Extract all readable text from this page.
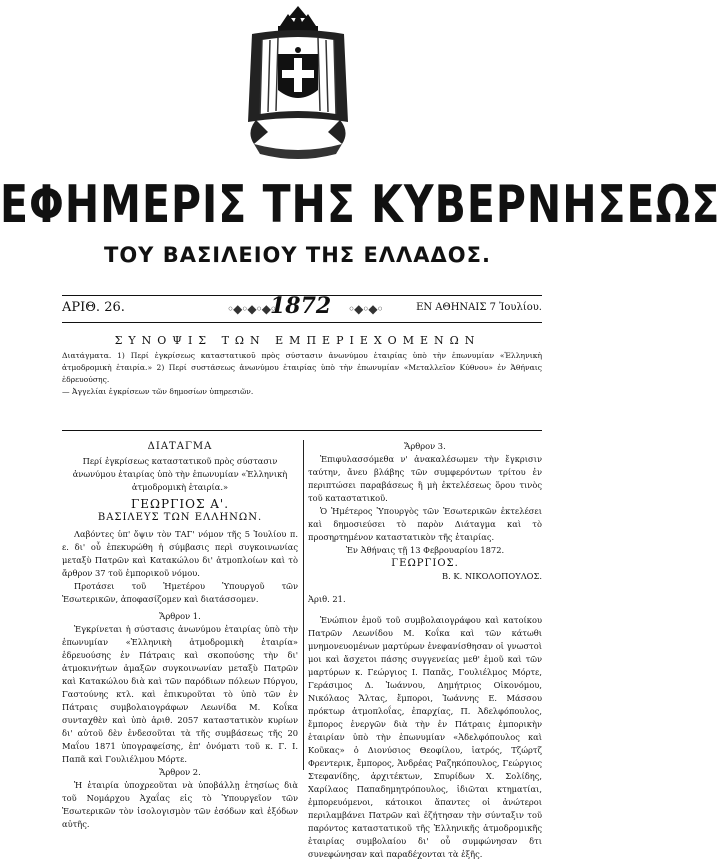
ΕΦΗΜΕΡΙΣ ΤΗΣ ΚΥΒΕΡΝΗΣΕΩΣ
ΤΟΥ ΒΑΣΙΛΕΙΟΥ ΤΗΣ ΕΛΛΑΔΟΣ.
ΑΡΙΘ. 26.	◦◆◦◆◦◆◦
1872 ◦◆◦◆◦	ΕΝ ΑΘΗΝΑΙΣ 7 Ἰουλίου.
ΣΥΝΟΨΙΣ ΤΩΝ ΕΜΠΕΡΙΕΧΟΜΕΝΩΝ

Διατάγματα. 1) Περί ἐγκρίσεως καταστατικοῦ πρὸς σύστασιν ἀνωνύμου ἑταιρίας ὑπὸ τὴν ἐπωνυμίαν «Ἑλληνικὴ ἀτμοδρομικὴ ἑταιρία.» 2) Περί συστάσεως ἀνωνύμου ἑταιρίας ὑπὸ τὴν ἐπωνυμίαν «Μεταλλεῖον Κύθνου» ἐν Ἀθήναις ἑδρευούσης.

— Ἀγγελίαι ἐγκρίσεων τῶν δημοσίων ὑπηρεσιῶν.

ΔΙΑΤΑΓΜΑ

Περί ἐγκρίσεως καταστατικοῦ πρὸς σύστασιν ἀνωνύμου ἑταιρίας ὑπὸ τὴν ἐπωνυμίαν «Ἑλληνικὴ ἀτμοδρομικὴ ἑταιρία.»

ΓΕΩΡΓΙΟΣ Α'.

ΒΑΣΙΛΕΥΣ ΤΩΝ ΕΛΛΗΝΩΝ.

Λαβόντες ὑπ' ὄψιν τὸν ΤΑΓ' νόμον τῆς 5 Ἰουλίου π. ε. δι' οὗ ἐπεκυρώθη ἡ σύμβασις περὶ συγκοινωνίας μεταξὺ Πατρῶν καὶ Κατακώλου δι' ἀτμοπλοίων καὶ τὸ ἄρθρον 37 τοῦ ἐμπορικοῦ νόμου.

Προτάσει τοῦ Ἡμετέρου Ὑπουργοῦ τῶν Ἐσωτερικῶν, ἀποφασίζομεν καὶ διατάσσομεν.

Ἄρθρον 1.

Ἐγκρίνεται ἡ σύστασις ἀνωνύμου ἑταιρίας ὑπὸ τὴν ἐπωνυμίαν «Ἑλληνικὴ ἀτμοδρομικὴ ἑταιρία» ἑδρευούσης ἐν Πάτραις καὶ σκοπούσης τὴν δι' ἀτμοκινήτων ἁμαξῶν συγκοινωνίαν μεταξὺ Πατρῶν καὶ Κατακώλου διὰ καὶ τῶν παρόδιων πόλεων Πύργου, Γαστούνης κτλ. καὶ ἐπικυροῦται τὸ ὑπὸ τῶν ἐν Πάτραις συμβολαιογράφων Λεωνίδα Μ. Κοΐκα συνταχθὲν καὶ ὑπὸ ἀριθ. 2057 καταστατικὸν κυρίων δι' αὐτοῦ δὲν ἐνδεσοῦται τὰ τῆς συμβάσεως τῆς 20 Μαΐου 1871 ὑπογραφείσης, ἐπ' ὀνόματι τοῦ κ. Γ. Ι. Παπᾶ καὶ Γουλιέλμου Μόρτε.

Ἄρθρον 2.

Ἡ ἑταιρία ὑποχρεοῦται νὰ ὑποβάλλῃ ἑτησίως διὰ τοῦ Νομάρχου Ἀχαΐας εἰς τὸ Ὑπουργεῖον τῶν Ἐσωτερικῶν τὸν ἰσολογισμὸν τῶν ἐσόδων καὶ ἐξόδων αὐτῆς.

Ἄρθρον 3.

Ἐπιφυλασσόμεθα ν' ἀνακαλέσωμεν τὴν ἔγκρισιν ταύτην, ἄνευ βλάβης τῶν συμφερόντων τρίτου ἐν περιπτώσει παραβάσεως ἢ μὴ ἐκτελέσεως ὅρου τινὸς τοῦ καταστατικοῦ.

Ὁ Ἡμέτερος Ὑπουργὸς τῶν Ἐσωτερικῶν ἐκτελέσει καὶ δημοσιεύσει τὸ παρὸν Διάταγμα καὶ τὸ προσηρτημένον καταστατικὸν τῆς ἑταιρίας.

Ἐν Ἀθήναις τῇ 13 Φεβρουαρίου 1872.

ΓΕΩΡΓΙΟΣ.

Β. Κ. ΝΙΚΟΛΟΠΟΥΛΟΣ.

Ἀριθ. 21.

Ἐνώπιον ἐμοῦ τοῦ συμβολαιογράφου καὶ κατοίκου Πατρῶν Λεωνίδου Μ. Κοΐκα καὶ τῶν κάτωθι μνημονευομένων μαρτύρων ἐνεφανίσθησαν οἱ γνωστοὶ μοι καὶ ἄσχετοι πάσης συγγενείας μεθ' ἐμοῦ καὶ τῶν μαρτύρων κ. Γεώργιος Ι. Παπᾶς, Γουλιέλμος Μόρτε, Γεράσιμος Δ. Ἰωάννου, Δημήτριος Οἰκονόμου, Νικόλαος Ἄλτας, ἔμποροι, Ἰωάννης Ε. Μάσσου πρόκτωρ ἀτμοπλοΐας, ἐπαρχίας, Π. Ἀδελφόπουλος, ἔμπορος ἐνεργῶν διὰ τὴν ἐν Πάτραις ἐμπορικὴν ἑταιρίαν ὑπὸ τὴν ἐπωνυμίαν «Ἀδελφόπουλος καὶ Κοῦκας» ὁ Διονύσιος Θεοφίλου, ἰατρός, Τζώρτζ Φρεντερικ, ἔμπορος, Ἀνδρέας Ραζηκόπουλος, Γεώργιος Στεφανίδης, ἀρχιτέκτων, Σπυρίδων Χ. Σολίδης, Χαρίλαος Παπαδημητρόπουλος, ἰδιῶται κτηματίαι, ἐμπορευόμενοι, κάτοικοι ἅπαντες οἱ ἀνώτεροι περιλαμβάνει Πατρῶν καὶ ἐζήτησαν τὴν σύνταξιν τοῦ παρόντος καταστατικοῦ τῆς Ἑλληνικῆς ἀτμοδρομικῆς ἑταιρίας συμβολαίου δι' οὗ συμφώνησαν δτι συνεφώνησαν καὶ παραδέχονται τὰ ἑξῆς.
